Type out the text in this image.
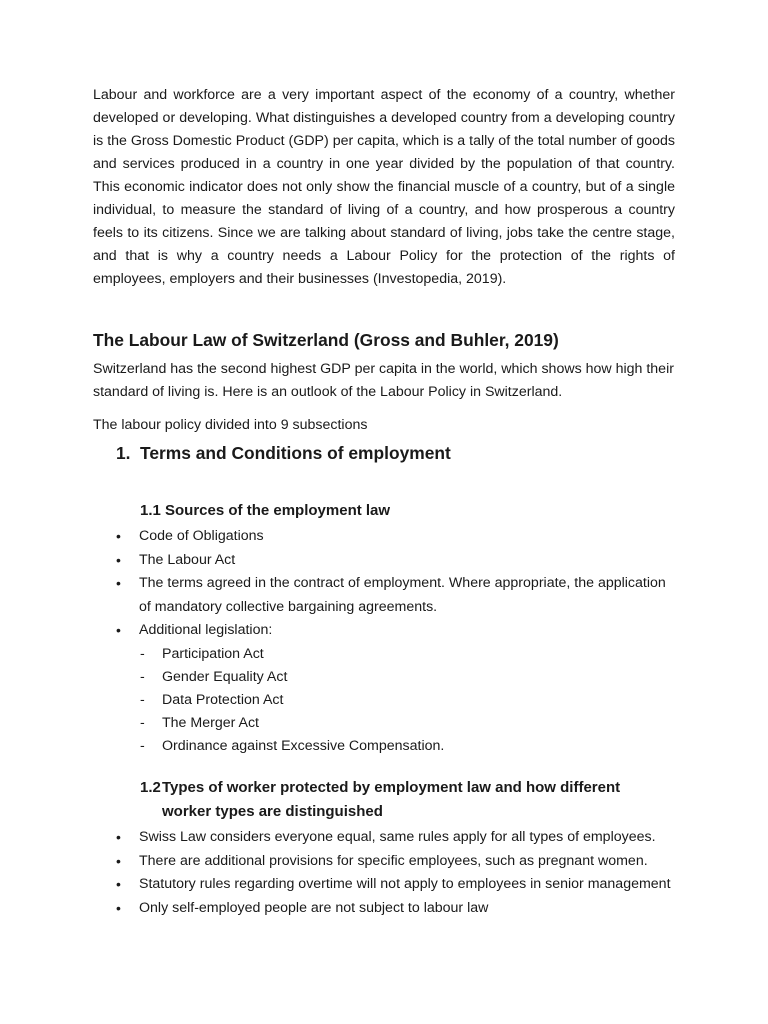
Labour and workforce are a very important aspect of the economy of a country, whether developed or developing. What distinguishes a developed country from a developing country is the Gross Domestic Product (GDP) per capita, which is a tally of the total number of goods and services produced in a country in one year divided by the population of that country. This economic indicator does not only show the financial muscle of a country, but of a single individual, to measure the standard of living of a country, and how prosperous a country feels to its citizens. Since we are talking about standard of living, jobs take the centre stage, and that is why a country needs a Labour Policy for the protection of the rights of employees, employers and their businesses (Investopedia, 2019).

The Labour Law of Switzerland (Gross and Buhler, 2019)

Switzerland has the second highest GDP per capita in the world, which shows how high their standard of living is. Here is an outlook of the Labour Policy in Switzerland.

The labour policy divided into 9 subsections

1. Terms and Conditions of employment
1.1 Sources of the employment law
• Code of Obligations
• The Labour Act
• The terms agreed in the contract of employment. Where appropriate, the application of mandatory collective bargaining agreements.
• Additional legislation:
- Participation Act
- Gender Equality Act
- Data Protection Act
- The Merger Act
- Ordinance against Excessive Compensation.
1.2Types of worker protected by employment law and how different
worker types are distinguished
• Swiss Law considers everyone equal, same rules apply for all types of employees.
• There are additional provisions for specific employees, such as pregnant women.
• Statutory rules regarding overtime will not apply to employees in senior management
• Only self-employed people are not subject to labour law
